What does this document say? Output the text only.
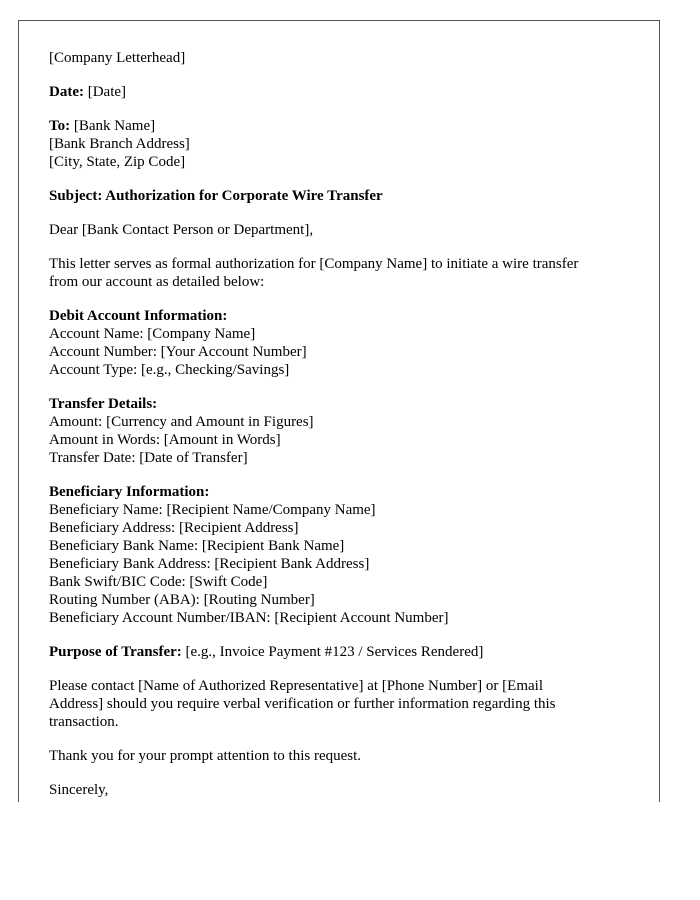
[Company Letterhead]

Date: [Date]

To: [Bank Name]
[Bank Branch Address]
[City, State, Zip Code]

Subject: Authorization for Corporate Wire Transfer

Dear [Bank Contact Person or Department],

This letter serves as formal authorization for [Company Name] to initiate a wire transfer
from our account as detailed below:

Debit Account Information:
Account Name: [Company Name]
Account Number: [Your Account Number]
Account Type: [e.g., Checking/Savings]

Transfer Details:
Amount: [Currency and Amount in Figures]
Amount in Words: [Amount in Words]
Transfer Date: [Date of Transfer]

Beneficiary Information:
Beneficiary Name: [Recipient Name/Company Name]
Beneficiary Address: [Recipient Address]
Beneficiary Bank Name: [Recipient Bank Name]
Beneficiary Bank Address: [Recipient Bank Address]
Bank Swift/BIC Code: [Swift Code]
Routing Number (ABA): [Routing Number]
Beneficiary Account Number/IBAN: [Recipient Account Number]

Purpose of Transfer: [e.g., Invoice Payment #123 / Services Rendered]

Please contact [Name of Authorized Representative] at [Phone Number] or [Email
Address] should you require verbal verification or further information regarding this
transaction.

Thank you for your prompt attention to this request.

Sincerely,
